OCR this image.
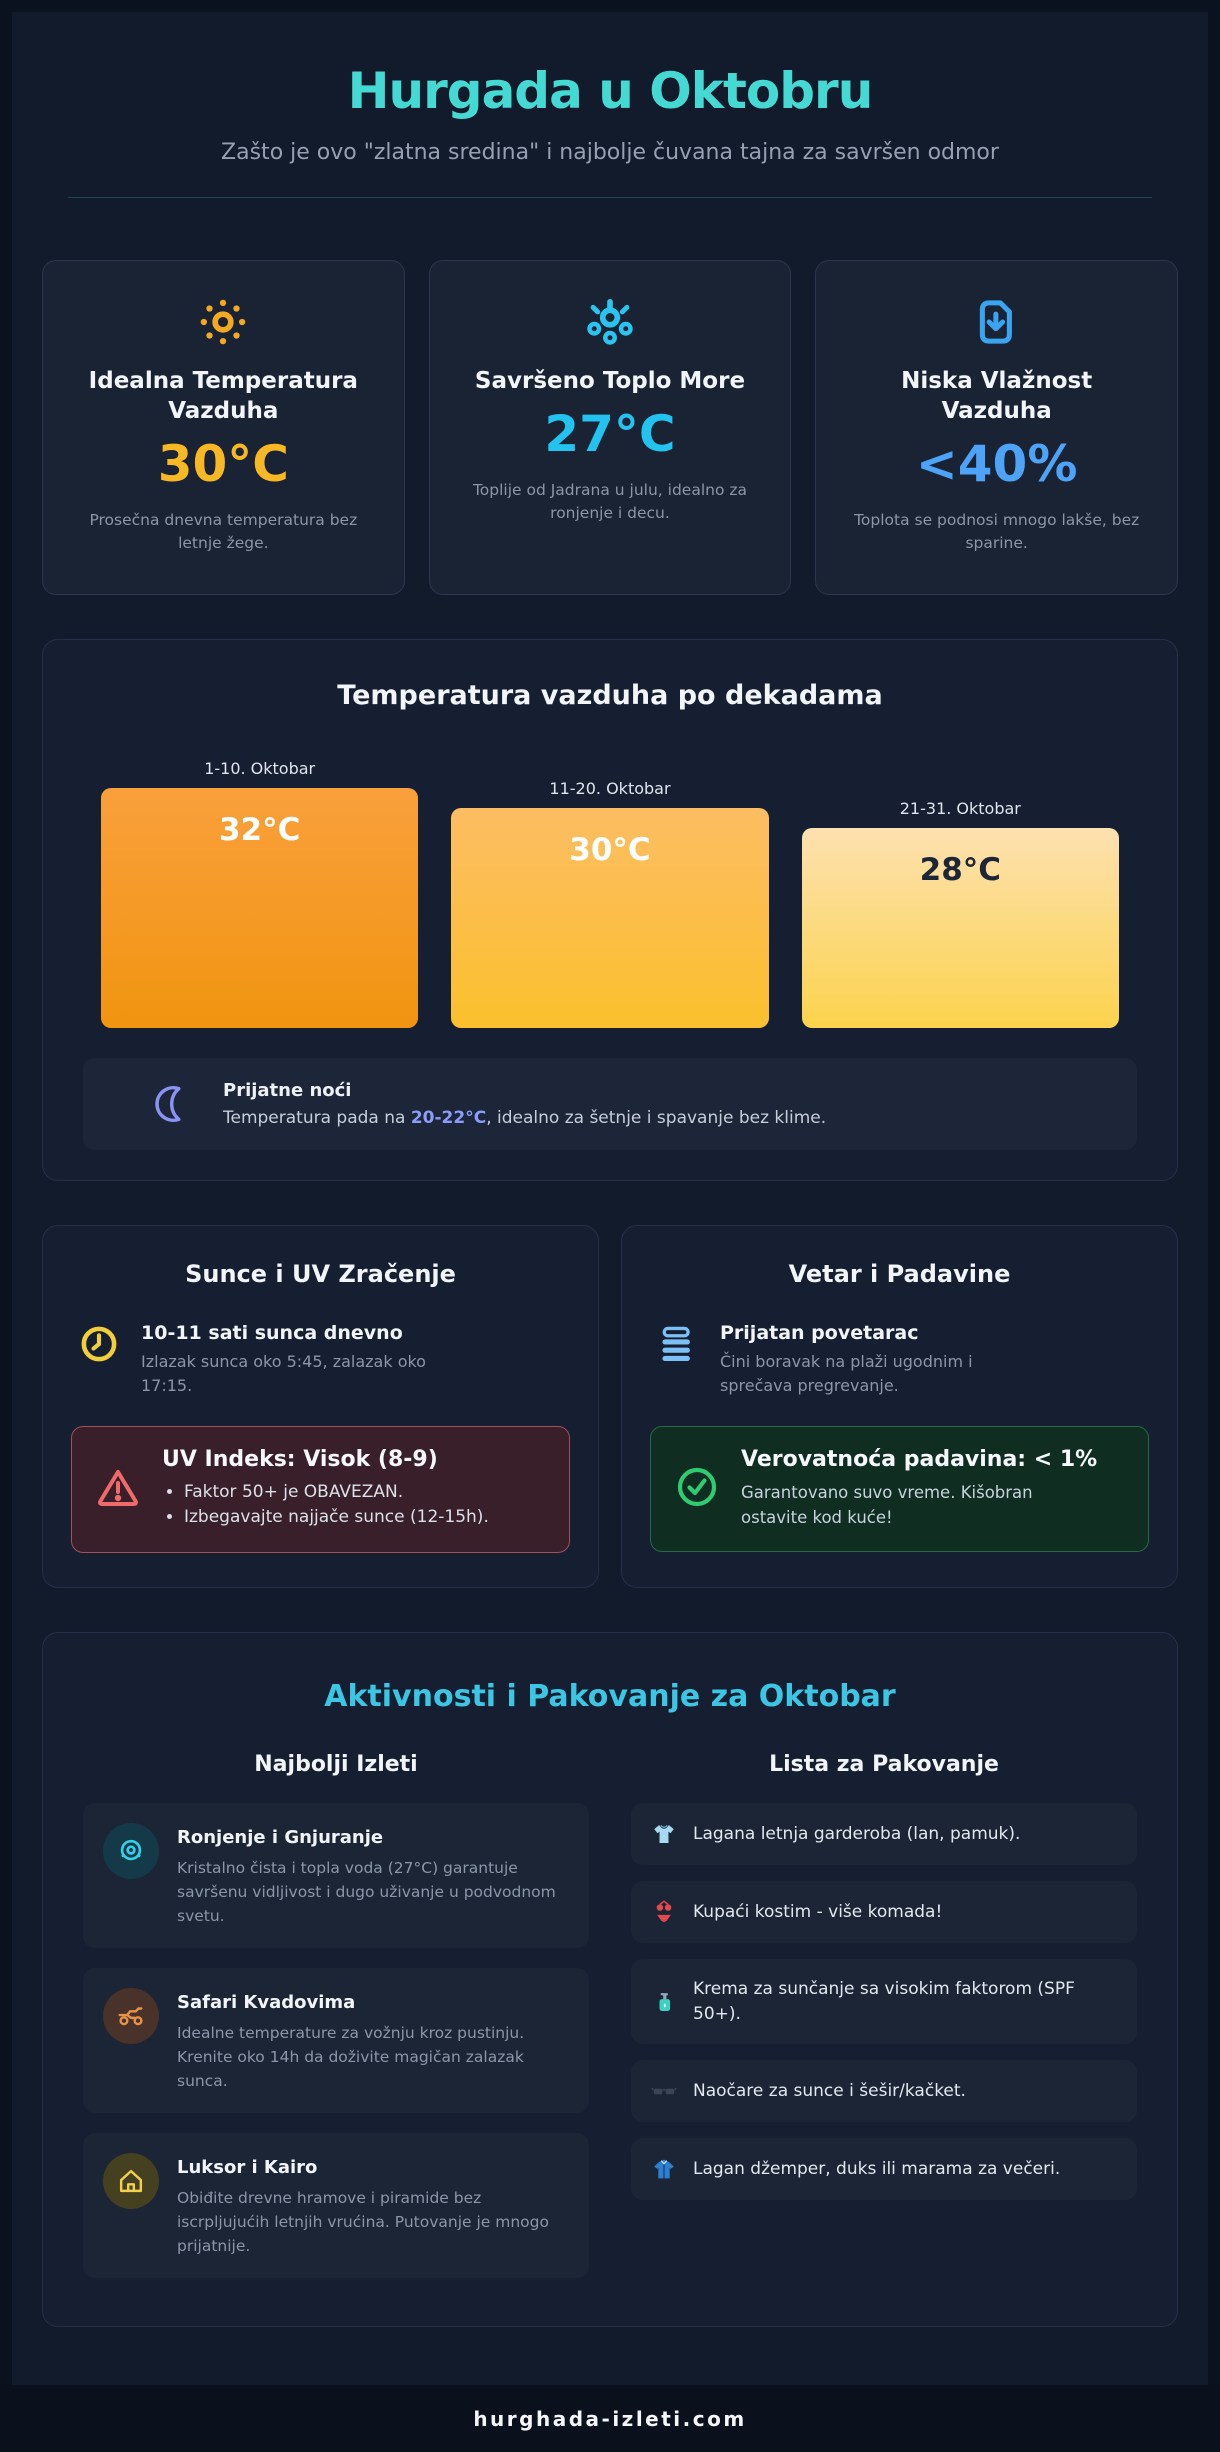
Hurgada u Oktobru

Zašto je ovo "zlatna sredina" i najbolje čuvana tajna za savršen odmor

Idealna Temperatura Vazduha
30°C

Prosečna dnevna temperatura bez letnje žege.

Savršeno Toplo More
27°C

Toplije od Jadrana u julu, idealno za ronjenje i decu.

Niska Vlažnost Vazduha
<40%

Toplota se podnosi mnogo lakše, bez sparine.

Temperatura vazduha po dekadama
1-10. Oktobar
32°C
11-20. Oktobar
30°C
21-31. Oktobar
28°C

Prijatne noći

Temperatura pada na 20-22°C, idealno za šetnje i spavanje bez klime.

Sunce i UV Zračenje
10-11 sati sunca dnevno

Izlazak sunca oko 5:45, zalazak oko 17:15.

UV Indeks: Visok (8-9)
• Faktor 50+ je OBAVEZAN.
• Izbegavajte najjače sunce (12-15h).
Vetar i Padavine
Prijatan povetarac

Čini boravak na plaži ugodnim i sprečava pregrevanje.

Verovatnoća padavina: < 1%

Garantovano suvo vreme. Kišobran ostavite kod kuće!

Aktivnosti i Pakovanje za Oktobar
Najbolji Izleti
Ronjenje i Gnjuranje

Kristalno čista i topla voda (27°C) garantuje savršenu vidljivost i dugo uživanje u podvodnom svetu.

Safari Kvadovima

Idealne temperature za vožnju kroz pustinju. Krenite oko 14h da doživite magičan zalazak sunca.

Luksor i Kairo

Obiđite drevne hramove i piramide bez iscrpljujućih letnjih vrućina. Putovanje je mnogo prijatnije.

Lista za Pakovanje
Lagana letnja garderoba (lan, pamuk).
Kupaći kostim - više komada!
Krema za sunčanje sa visokim faktorom (SPF 50+).
Naočare za sunce i šešir/kačket.
Lagan džemper, duks ili marama za večeri.
hurghada-izleti.com
